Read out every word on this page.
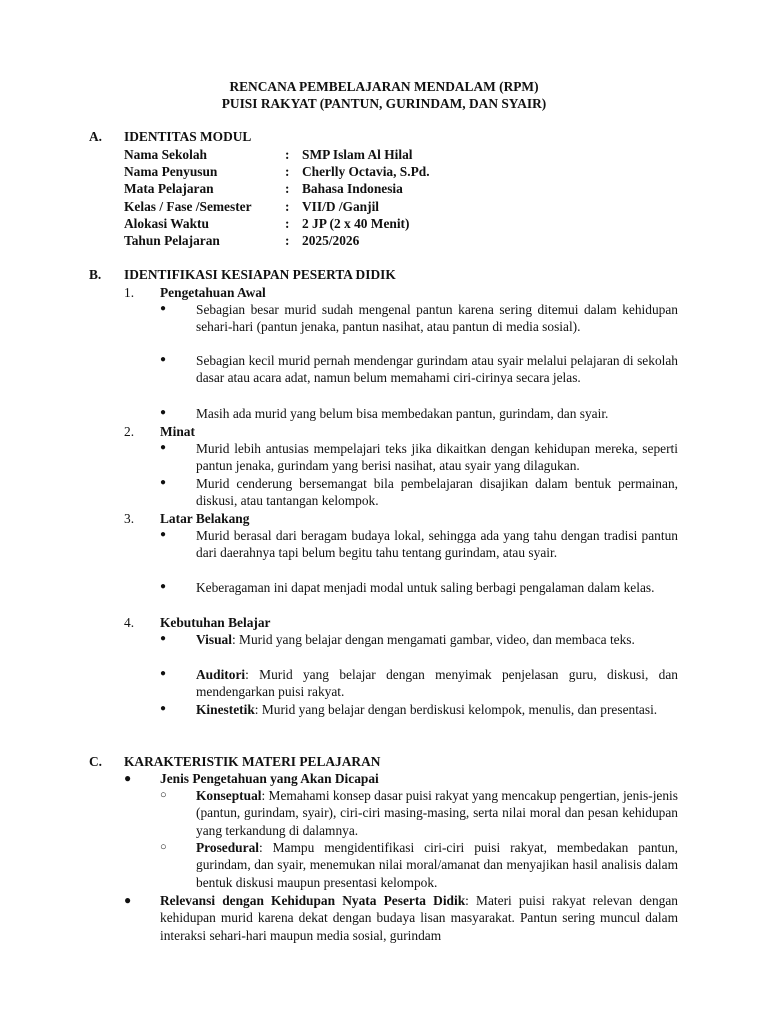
RENCANA PEMBELAJARAN MENDALAM (RPM)
PUISI RAKYAT (PANTUN, GURINDAM, DAN SYAIR)
A. IDENTITAS MODUL
Nama Sekolah	: SMP Islam Al Hilal
Nama Penyusun	: Cherlly Octavia, S.Pd.
Mata Pelajaran	: Bahasa Indonesia
Kelas / Fase /Semester : VII/D /Ganjil
Alokasi Waktu	: 2 JP (2 x 40 Menit)
Tahun Pelajaran	: 2025/2026
B. IDENTIFIKASI KESIAPAN PESERTA DIDIK
1. Pengetahuan Awal
● Sebagian besar murid sudah mengenal pantun karena sering ditemui dalam kehidupan sehari-hari (pantun jenaka, pantun nasihat, atau pantun di media sosial).
● Sebagian kecil murid pernah mendengar gurindam atau syair melalui pelajaran di sekolah dasar atau acara adat, namun belum memahami ciri-cirinya secara jelas.
● Masih ada murid yang belum bisa membedakan pantun, gurindam, dan syair.
2. Minat
● Murid lebih antusias mempelajari teks jika dikaitkan dengan kehidupan mereka, seperti pantun jenaka, gurindam yang berisi nasihat, atau syair yang dilagukan.
● Murid cenderung bersemangat bila pembelajaran disajikan dalam bentuk permainan, diskusi, atau tantangan kelompok.
3. Latar Belakang
● Murid berasal dari beragam budaya lokal, sehingga ada yang tahu dengan tradisi pantun dari daerahnya tapi belum begitu tahu tentang gurindam, atau syair.
● Keberagaman ini dapat menjadi modal untuk saling berbagi pengalaman dalam kelas.
4. Kebutuhan Belajar
● Visual: Murid yang belajar dengan mengamati gambar, video, dan membaca teks.
● Auditori: Murid yang belajar dengan menyimak penjelasan guru, diskusi, dan mendengarkan puisi rakyat.
● Kinestetik: Murid yang belajar dengan berdiskusi kelompok, menulis, dan presentasi.
C. KARAKTERISTIK MATERI PELAJARAN
● Jenis Pengetahuan yang Akan Dicapai
○ Konseptual: Memahami konsep dasar puisi rakyat yang mencakup pengertian, jenis-jenis (pantun, gurindam, syair), ciri-ciri masing-masing, serta nilai moral dan pesan kehidupan yang terkandung di dalamnya.
○ Prosedural: Mampu mengidentifikasi ciri-ciri puisi rakyat, membedakan pantun, gurindam, dan syair, menemukan nilai moral/amanat dan menyajikan hasil analisis dalam bentuk diskusi maupun presentasi kelompok.
● Relevansi dengan Kehidupan Nyata Peserta Didik: Materi puisi rakyat relevan dengan kehidupan murid karena dekat dengan budaya lisan masyarakat. Pantun sering muncul dalam interaksi sehari-hari maupun media sosial, gurindam
